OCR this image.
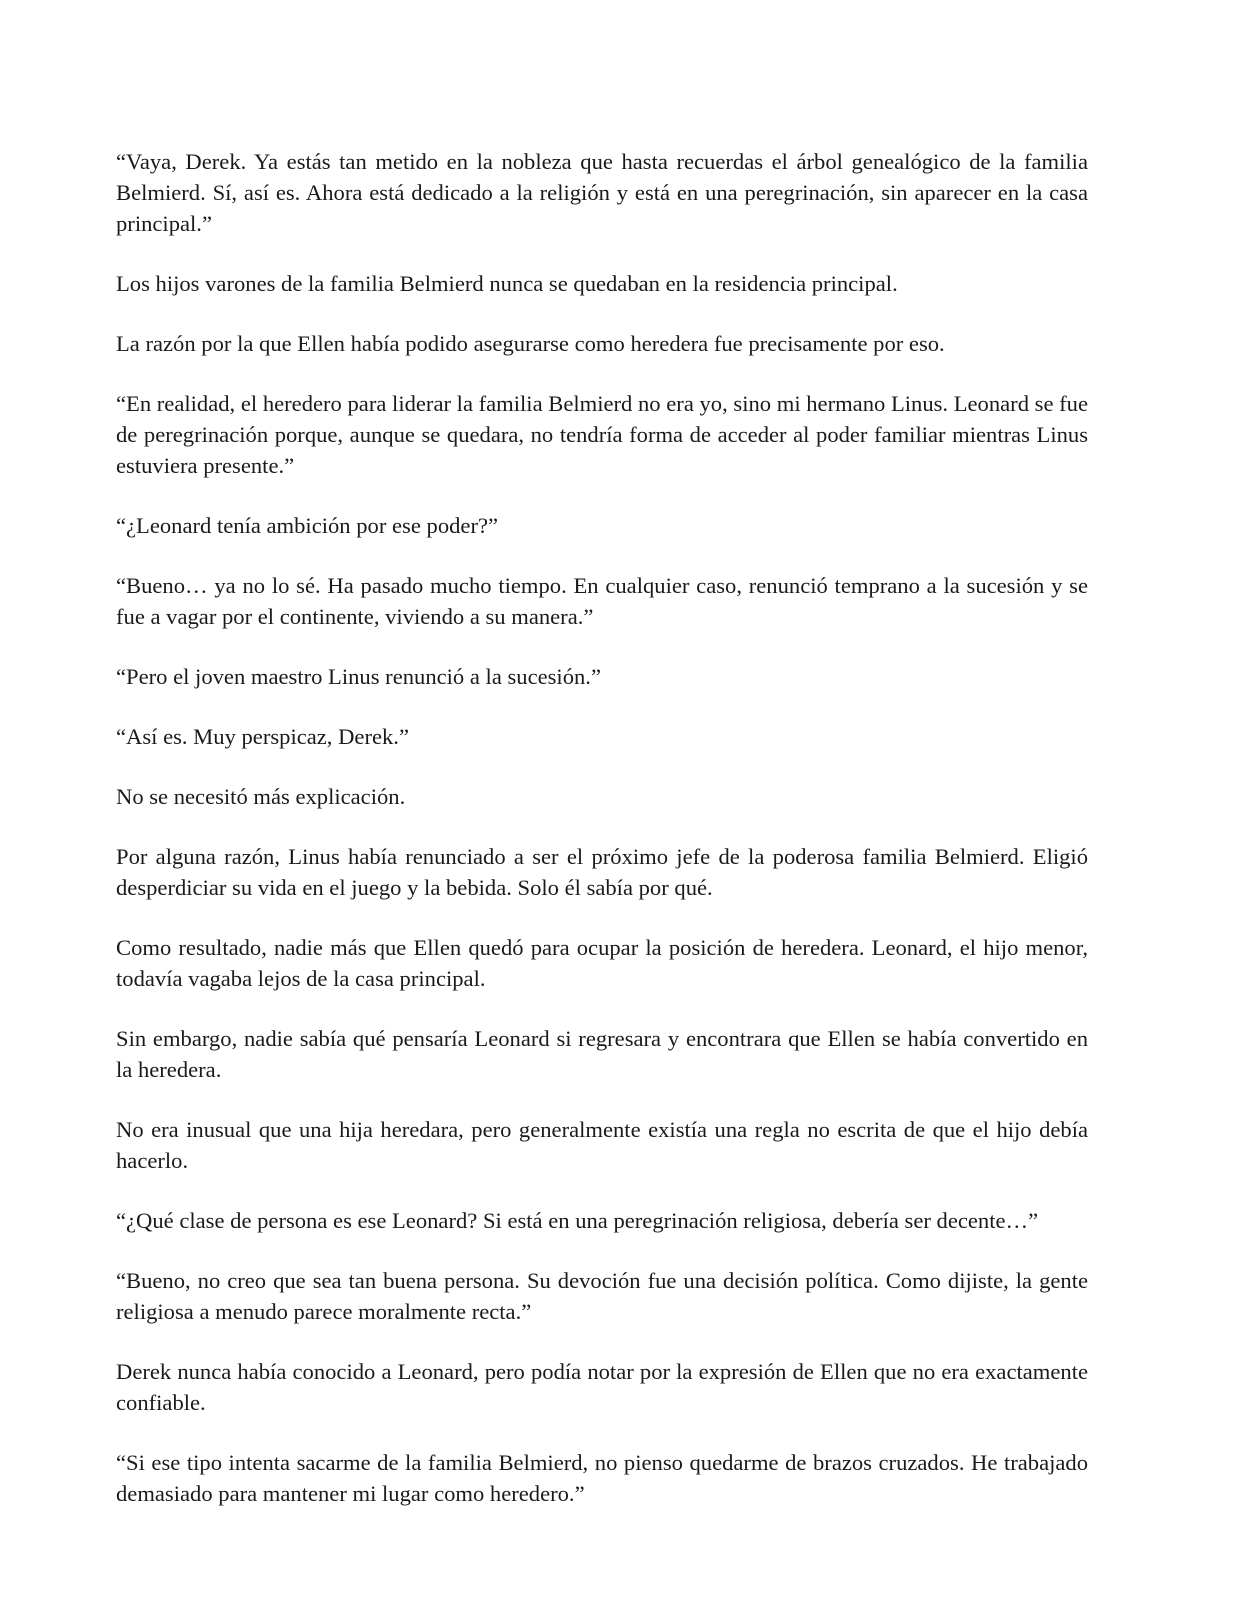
“Vaya, Derek. Ya estás tan metido en la nobleza que hasta recuerdas el árbol genealógico de la familia Belmierd. Sí, así es. Ahora está dedicado a la religión y está en una peregrinación, sin aparecer en la casa principal.”

Los hijos varones de la familia Belmierd nunca se quedaban en la residencia principal.

La razón por la que Ellen había podido asegurarse como heredera fue precisamente por eso.

“En realidad, el heredero para liderar la familia Belmierd no era yo, sino mi hermano Linus. Leonard se fue de peregrinación porque, aunque se quedara, no tendría forma de acceder al poder familiar mientras Linus estuviera presente.”

“¿Leonard tenía ambición por ese poder?”

“Bueno… ya no lo sé. Ha pasado mucho tiempo. En cualquier caso, renunció temprano a la sucesión y se fue a vagar por el continente, viviendo a su manera.”

“Pero el joven maestro Linus renunció a la sucesión.”

“Así es. Muy perspicaz, Derek.”

No se necesitó más explicación.

Por alguna razón, Linus había renunciado a ser el próximo jefe de la poderosa familia Belmierd. Eligió desperdiciar su vida en el juego y la bebida. Solo él sabía por qué.

Como resultado, nadie más que Ellen quedó para ocupar la posición de heredera. Leonard, el hijo menor, todavía vagaba lejos de la casa principal.

Sin embargo, nadie sabía qué pensaría Leonard si regresara y encontrara que Ellen se había convertido en la heredera.

No era inusual que una hija heredara, pero generalmente existía una regla no escrita de que el hijo debía hacerlo.

“¿Qué clase de persona es ese Leonard? Si está en una peregrinación religiosa, debería ser decente…”

“Bueno, no creo que sea tan buena persona. Su devoción fue una decisión política. Como dijiste, la gente religiosa a menudo parece moralmente recta.”

Derek nunca había conocido a Leonard, pero podía notar por la expresión de Ellen que no era exactamente confiable.

“Si ese tipo intenta sacarme de la familia Belmierd, no pienso quedarme de brazos cruzados. He trabajado demasiado para mantener mi lugar como heredero.”
